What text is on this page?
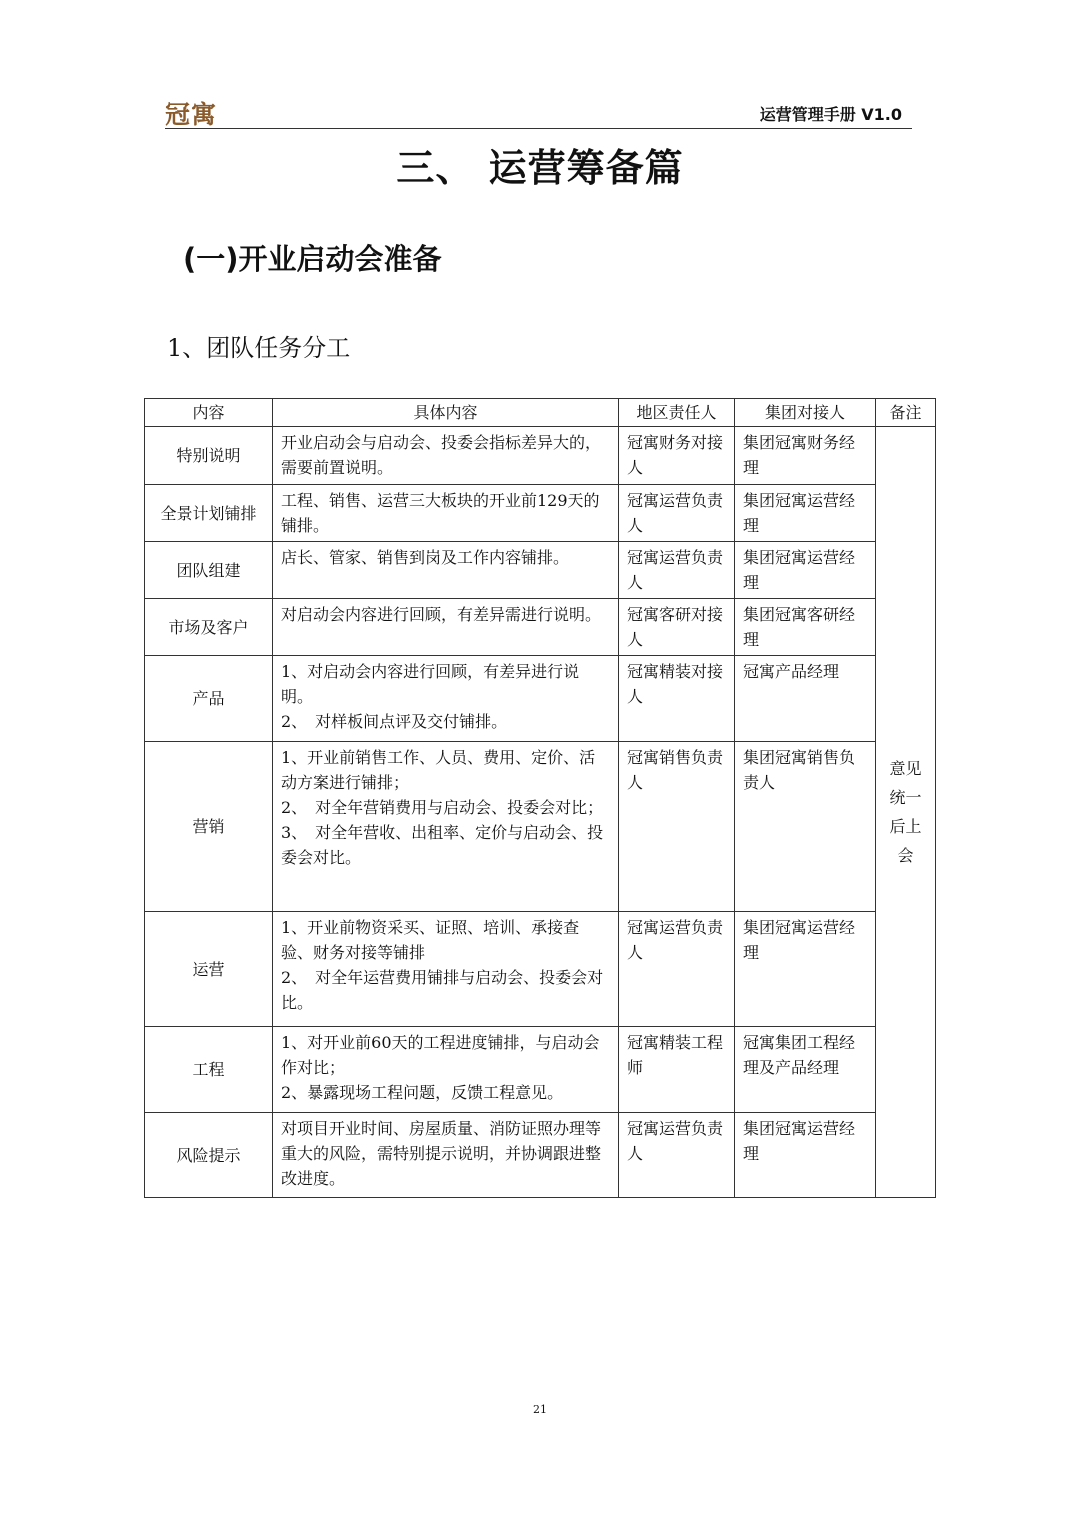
冠寓	运营管理手册 V1.0
三、 运营筹备篇
(一)开业启动会准备
1、团队任务分工
内容	具体内容	地区责任人	集团对接人	备注
特别说明	开业启动会与启动会、投委会指标差异大的，需要前置说明。	冠寓财务对接人	集团冠寓财务经理	意见统一后上会
全景计划铺排	工程、销售、运营三大板块的开业前129天的铺排。	冠寓运营负责人	集团冠寓运营经理	
团队组建	店长、管家、销售到岗及工作内容铺排。	冠寓运营负责人	集团冠寓运营经理	
市场及客户	对启动会内容进行回顾，有差异需进行说明。	冠寓客研对接人	集团冠寓客研经理	
产品	1、对启动会内容进行回顾，有差异进行说明。
2、　对样板间点评及交付铺排。	冠寓精装对接人	冠寓产品经理	
营销	1、开业前销售工作、人员、费用、定价、活动方案进行铺排；
2、　对全年营销费用与启动会、投委会对比；
3、　对全年营收、出租率、定价与启动会、投委会对比。	冠寓销售负责人	集团冠寓销售负责人	
运营	1、开业前物资采买、证照、培训、承接查验、财务对接等铺排
2、　对全年运营费用铺排与启动会、投委会对比。	冠寓运营负责人	集团冠寓运营经理	
工程	1、对开业前60天的工程进度铺排，与启动会作对比；
2、暴露现场工程问题，反馈工程意见。	冠寓精装工程师	冠寓集团工程经理及产品经理	
风险提示	对项目开业时间、房屋质量、消防证照办理等重大的风险，需特别提示说明，并协调跟进整改进度。	冠寓运营负责人	集团冠寓运营经理	
21
